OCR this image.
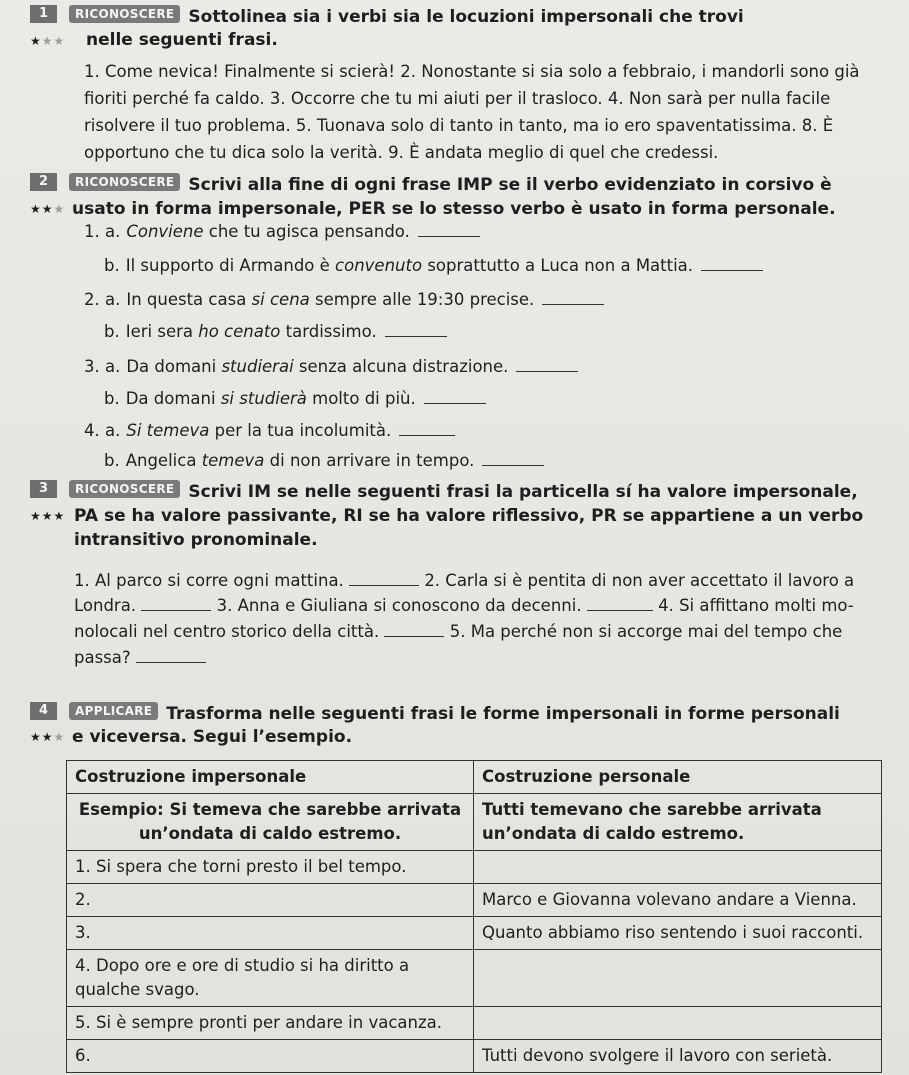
1	RICONOSCERE Sottolinea sia i verbi sia le locuzioni impersonali che trovi
★★★ nelle seguenti frasi.
1. Come nevica! Finalmente si scierà! 2. Nonostante si sia solo a febbraio, i mandorli sono già fioriti perché fa caldo. 3. Occorre che tu mi aiuti per il trasloco. 4. Non sarà per nulla facile risolvere il tuo problema. 5. Tuonava solo di tanto in tanto, ma io ero spaventatissima. 8. È opportuno che tu dica solo la verità. 9. È andata meglio di quel che credessi.
2	RICONOSCERE Scrivi alla fine di ogni frase IMP se il verbo evidenziato in corsivo è
★★★ usato in forma impersonale, PER se lo stesso verbo è usato in forma personale.
1. a. Conviene che tu agisca pensando.
b. Il supporto di Armando è convenuto soprattutto a Luca non a Mattia.
2. a. In questa casa si cena sempre alle 19:30 precise.
b. Ieri sera ho cenato tardissimo.
3. a. Da domani studierai senza alcuna distrazione.
b. Da domani si studierà molto di più.
4. a. Si temeva per la tua incolumità.
b. Angelica temeva di non arrivare in tempo.
3	RICONOSCERE Scrivi IM se nelle seguenti frasi la particella sí ha valore impersonale,
★★★ PA se ha valore passivante, RI se ha valore riflessivo, PR se appartiene a un verbo
intransitivo pronominale.
1. Al parco si corre ogni mattina.	2. Carla si è pentita di non aver accettato il lavoro a
Londra.	3. Anna e Giuliana si conoscono da decenni.	4. Si affittano molti mo-
nolocali nel centro storico della città.	5. Ma perché non si accorge mai del tempo che
passa?
4	APPLICARE Trasforma nelle seguenti frasi le forme impersonali in forme personali
★★★ e viceversa. Segui l’esempio.
Costruzione impersonale	Costruzione personale
Esempio: Si temeva che sarebbe arrivata un’ondata di caldo estremo.	Tutti temevano che sarebbe arrivata un’ondata di caldo estremo.
1. Si spera che torni presto il bel tempo.	
2.	Marco e Giovanna volevano andare a Vienna.
3.	Quanto abbiamo riso sentendo i suoi racconti.
4. Dopo ore e ore di studio si ha diritto a qualche svago.	
5. Si è sempre pronti per andare in vacanza.	
6.	Tutti devono svolgere il lavoro con serietà.
